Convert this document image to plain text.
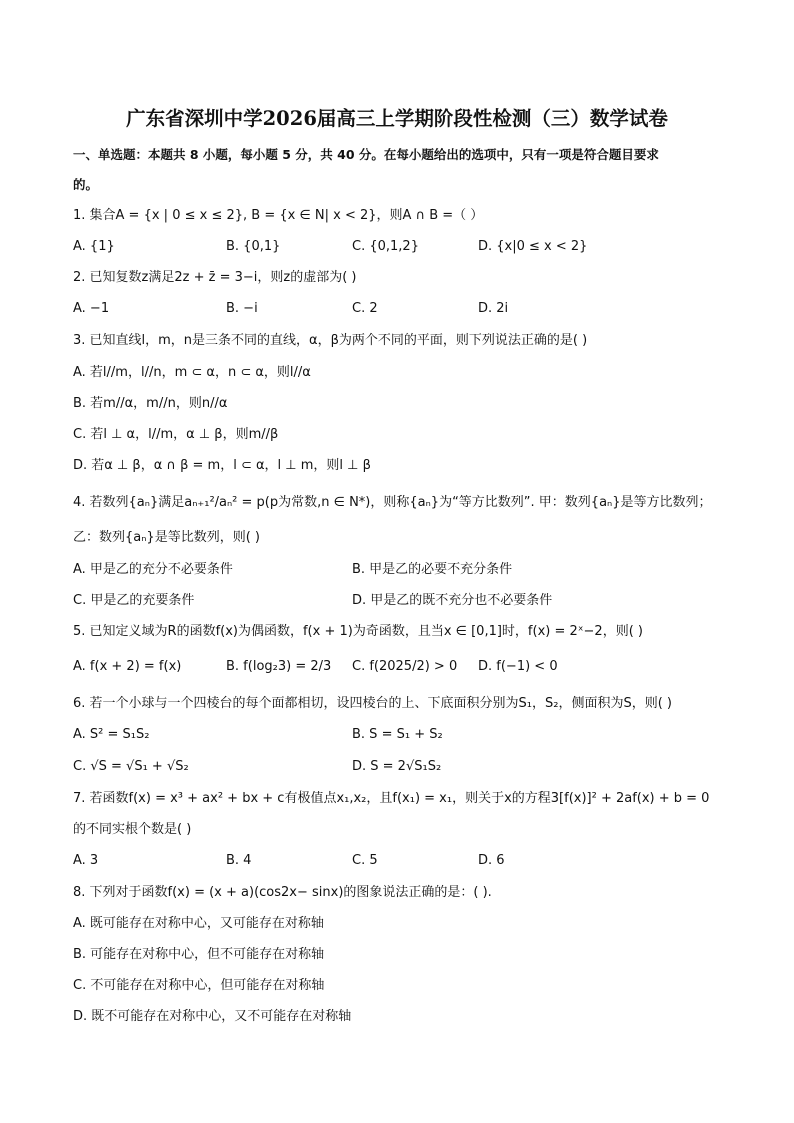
广东省深圳中学2026届高三上学期阶段性检测（三）数学试卷
一、单选题：本题共 8 小题，每小题 5 分，共 40 分。在每小题给出的选项中，只有一项是符合题目要求
的。
1. 集合A = {x | 0 ≤ x ≤ 2}, B = {x ∈ N| x < 2}，则A ∩ B =（ ）
A. {1}	B. {0,1}	C. {0,1,2}	D. {x|0 ≤ x < 2}
2. 已知复数z满足2z + z̄ = 3−i，则z的虚部为( )
A. −1	B. −i	C. 2	D. 2i
3. 已知直线l，m，n是三条不同的直线，α，β为两个不同的平面，则下列说法正确的是( )
A. 若l//m，l//n，m ⊂ α，n ⊂ α，则l//α
B. 若m//α，m//n，则n//α
C. 若l ⊥ α，l//m，α ⊥ β，则m//β
D. 若α ⊥ β，α ∩ β = m，l ⊂ α，l ⊥ m，则l ⊥ β
4. 若数列{aₙ}满足aₙ₊₁²/aₙ² = p(p为常数,n ∈ N*)，则称{aₙ}为“等方比数列”. 甲：数列{aₙ}是等方比数列；
乙：数列{aₙ}是等比数列，则( )
A. 甲是乙的充分不必要条件	B. 甲是乙的必要不充分条件
C. 甲是乙的充要条件	D. 甲是乙的既不充分也不必要条件
5. 已知定义域为R的函数f(x)为偶函数，f(x + 1)为奇函数，且当x ∈ [0,1]时，f(x) = 2ˣ−2，则( )
A. f(x + 2) = f(x)	B. f(log₂3) = 2/3 C. f(2025/2) > 0 D. f(−1) < 0
6. 若一个小球与一个四棱台的每个面都相切，设四棱台的上、下底面积分别为S₁，S₂，侧面积为S，则( )
A. S² = S₁S₂	B. S = S₁ + S₂
C. √S = √S₁ + √S₂	D. S = 2√S₁S₂
7. 若函数f(x) = x³ + ax² + bx + c有极值点x₁,x₂，且f(x₁) = x₁，则关于x的方程3[f(x)]² + 2af(x) + b = 0
的不同实根个数是( )
A. 3	B. 4	C. 5	D. 6
8. 下列对于函数f(x) = (x + a)(cos2x− sinx)的图象说法正确的是：( ).
A. 既可能存在对称中心，又可能存在对称轴
B. 可能存在对称中心，但不可能存在对称轴
C. 不可能存在对称中心，但可能存在对称轴
D. 既不可能存在对称中心，又不可能存在对称轴
